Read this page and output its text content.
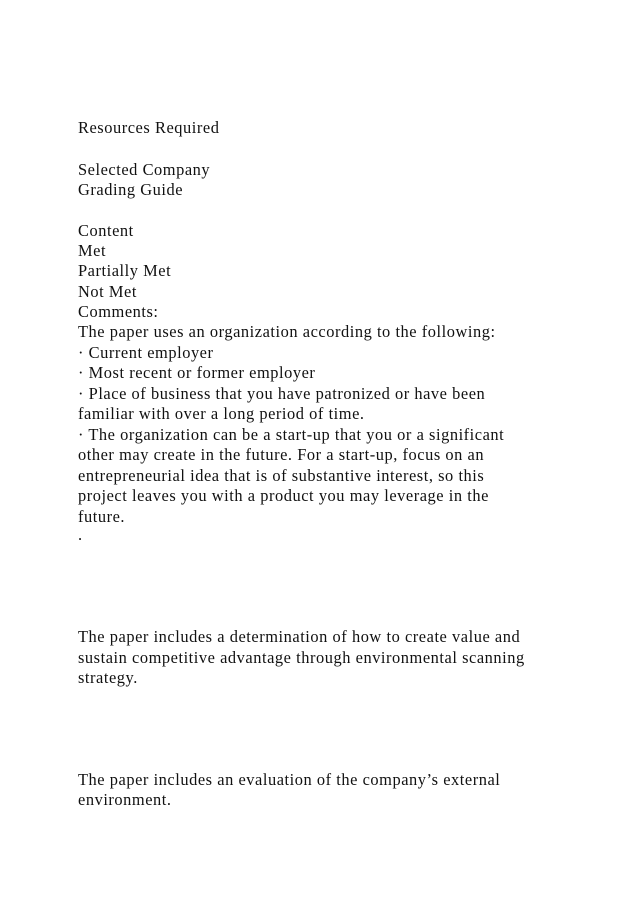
Resources Required

Selected Company

Grading Guide

Content

Met

Partially Met

Not Met

Comments:

The paper uses an organization according to the following:

· Current employer

· Most recent or former employer

· Place of business that you have patronized or have been

familiar with over a long period of time.

· The organization can be a start-up that you or a significant

other may create in the future. For a start-up, focus on an

entrepreneurial idea that is of substantive interest, so this

project leaves you with a product you may leverage in the

future.

.

The paper includes a determination of how to create value and

sustain competitive advantage through environmental scanning

strategy.

The paper includes an evaluation of the company’s external

environment.
